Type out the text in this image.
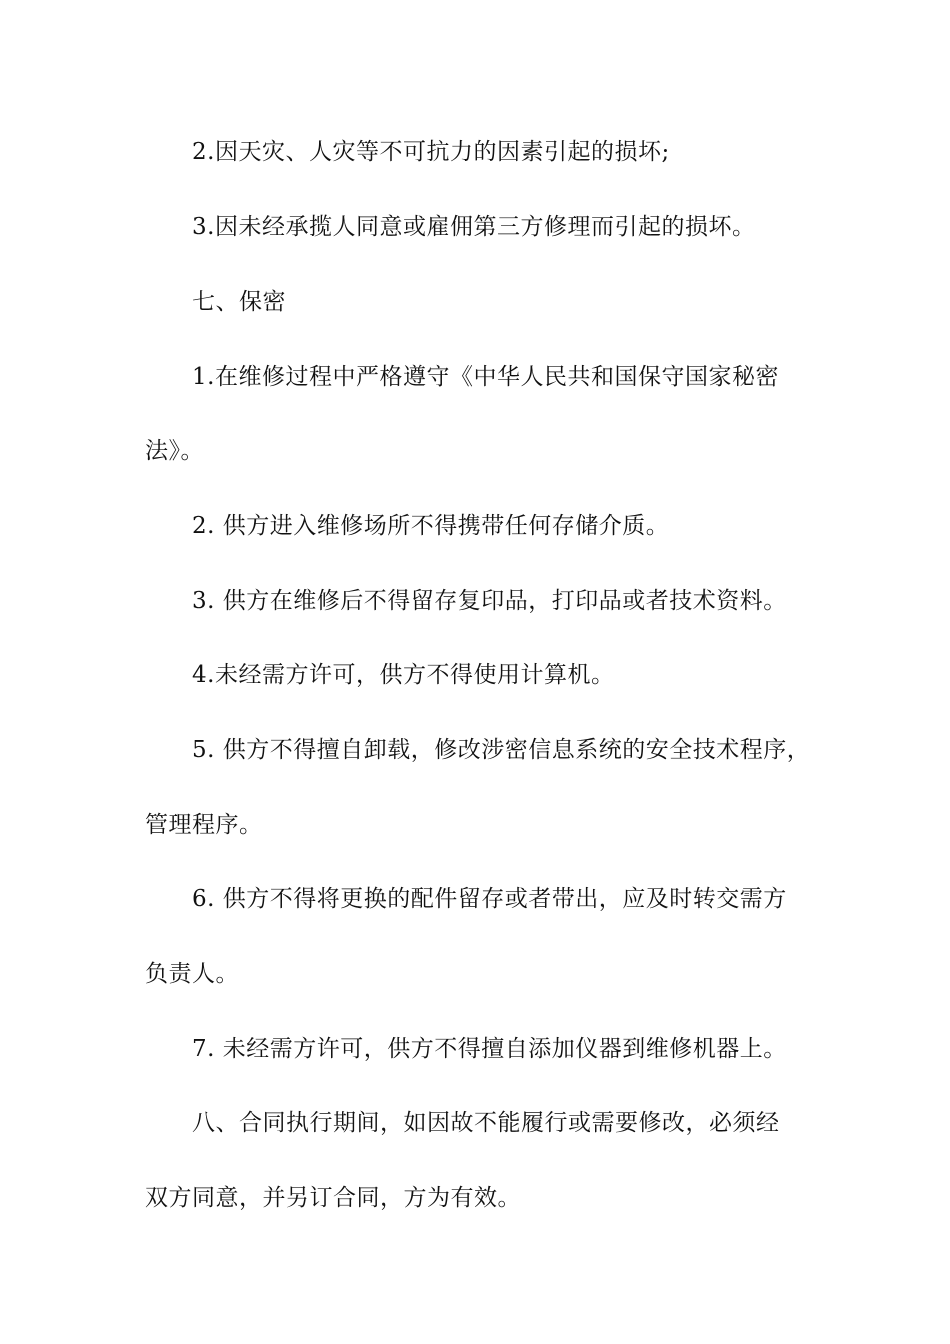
2.因天灾、人灾等不可抗力的因素引起的损坏;
3.因未经承揽人同意或雇佣第三方修理而引起的损坏。
七、保密
1.在维修过程中严格遵守《中华人民共和国保守国家秘密
法》。
2. 供方进入维修场所不得携带任何存储介质。
3. 供方在维修后不得留存复印品，打印品或者技术资料。
4.未经需方许可，供方不得使用计算机。
5. 供方不得擅自卸载，修改涉密信息系统的安全技术程序，
管理程序。
6. 供方不得将更换的配件留存或者带出，应及时转交需方
负责人。
7. 未经需方许可，供方不得擅自添加仪器到维修机器上。
八、合同执行期间，如因故不能履行或需要修改，必须经
双方同意，并另订合同，方为有效。
